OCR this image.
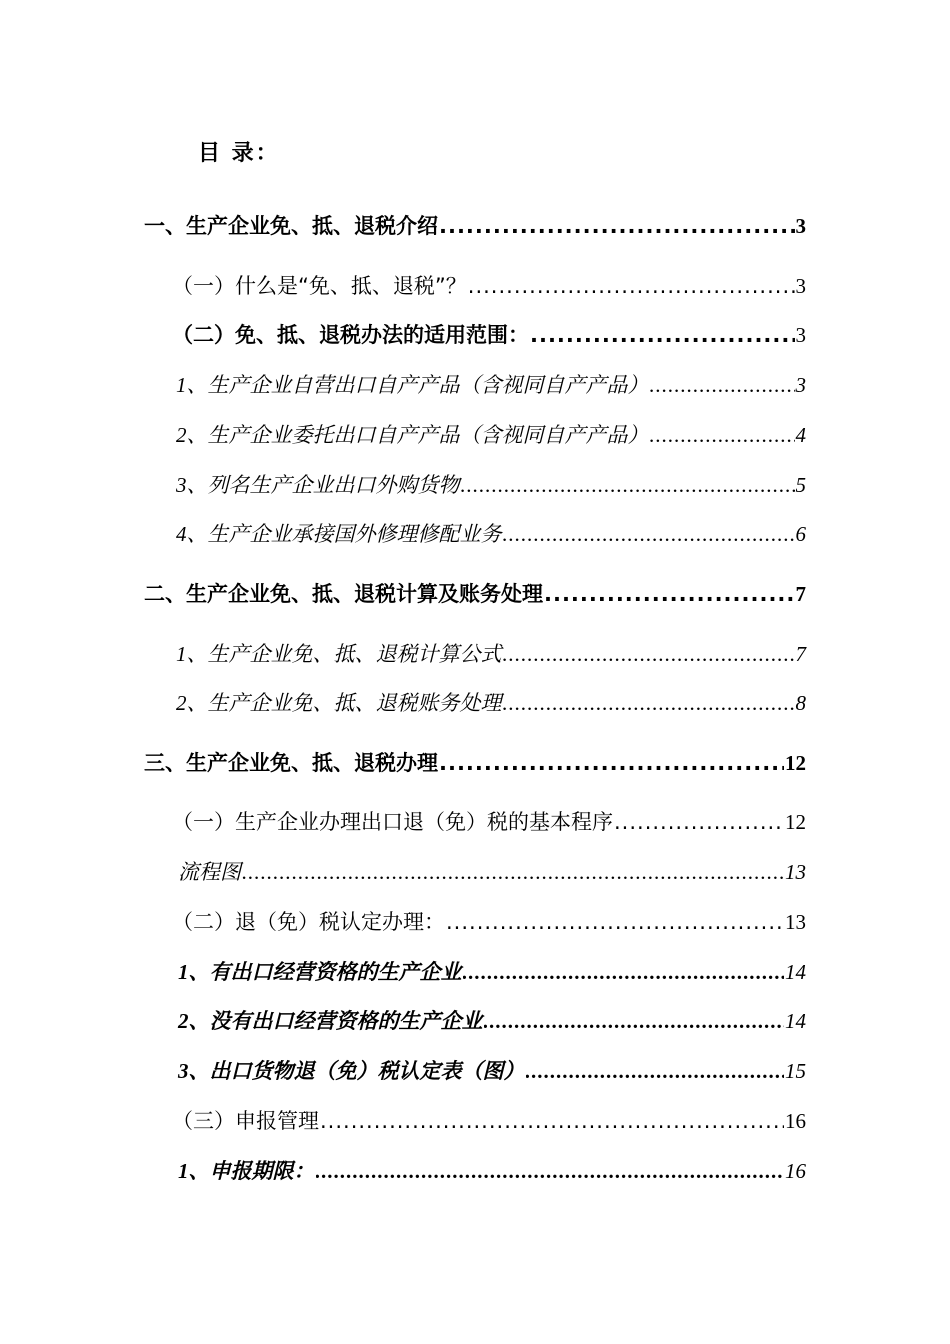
目 录：
一、生产企业免、抵、退税介绍 .....	3
（一）什么是“免、抵、退税”？ .....	3
（二）免、抵、退税办法的适用范围： .....	3
1、生产企业自营出口自产产品（含视同自产产品） .....	3
2、生产企业委托出口自产产品（含视同自产产品） .....	4
3、列名生产企业出口外购货物 .....	5
4、生产企业承接国外修理修配业务 .....	6
二、生产企业免、抵、退税计算及账务处理 .....	7
1、生产企业免、抵、退税计算公式 .....	7
2、生产企业免、抵、退税账务处理 .....	8
三、生产企业免、抵、退税办理 .....	12
（一）生产企业办理出口退（免）税的基本程序 .....	12
流程图 .....	13
（二）退（免）税认定办理： .....	13
1、有出口经营资格的生产企业 .....	14
2、没有出口经营资格的生产企业 .....	14
3、出口货物退（免）税认定表（图） .....	15
（三）申报管理 .....	16
1、申报期限： .....	16
